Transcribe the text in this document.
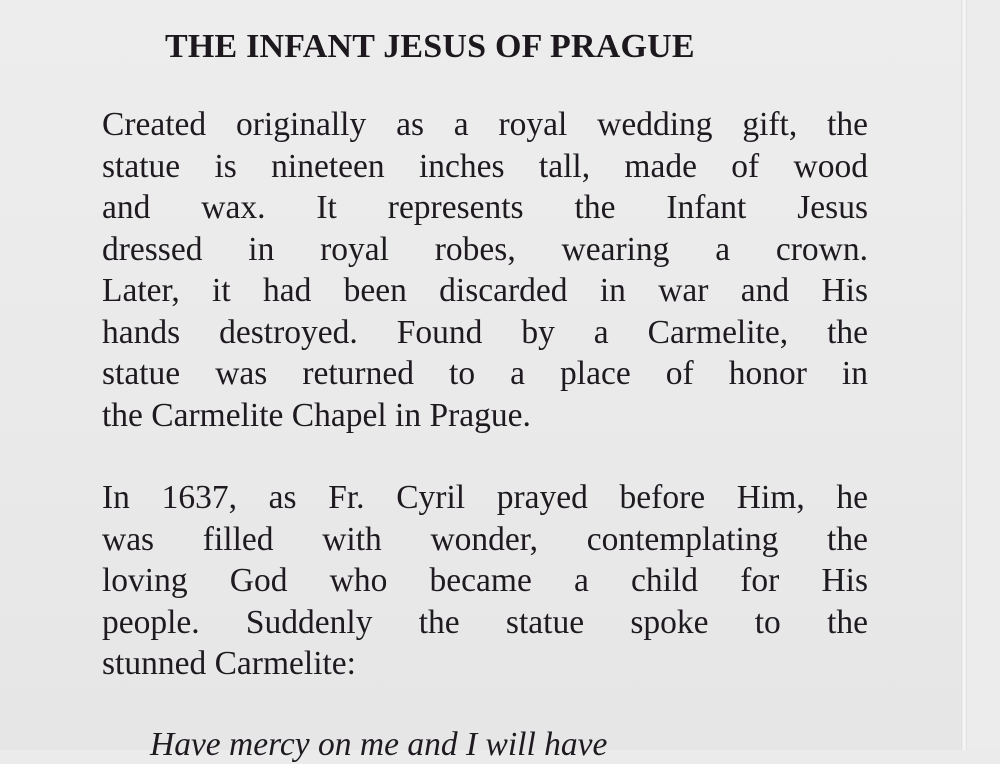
THE INFANT JESUS OF PRAGUE
Created originally as a royal wedding gift, the
statue is nineteen inches tall, made of wood
and wax. It represents the Infant Jesus
dressed in royal robes, wearing a crown.
Later, it had been discarded in war and His
hands destroyed. Found by a Carmelite, the
statue was returned to a place of honor in
the Carmelite Chapel in Prague.
In 1637, as Fr. Cyril prayed before Him, he
was filled with wonder, contemplating the
loving God who became a child for His
people. Suddenly the statue spoke to the
stunned Carmelite:
Have mercy on me and I will have
